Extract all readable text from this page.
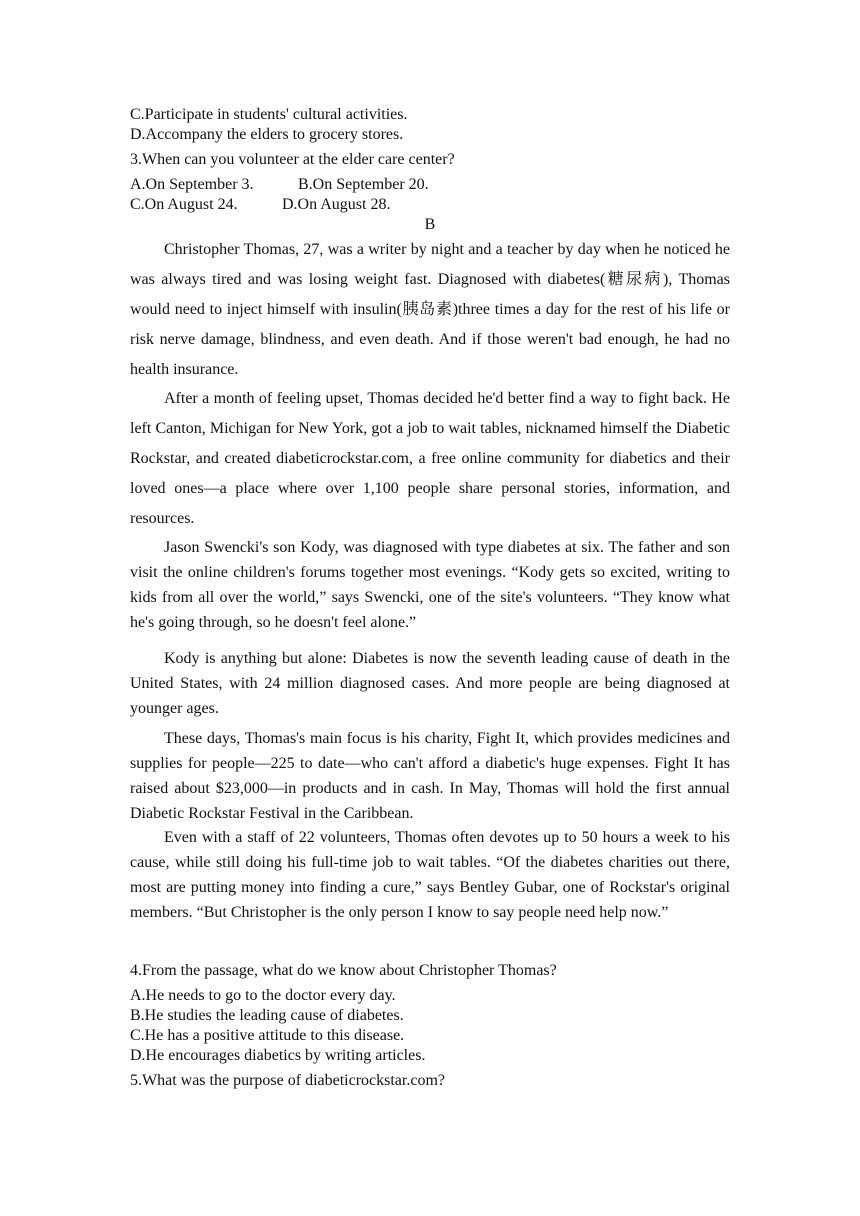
C.Participate in students' cultural activities.
D.Accompany the elders to grocery stores.
3.When can you volunteer at the elder care center?
A.On September 3.	B.On September 20.
C.On August 24.	D.On August 28.
B

Christopher Thomas, 27, was a writer by night and a teacher by day when he noticed he was always tired and was losing weight fast. Diagnosed with diabetes(糖尿病), Thomas would need to inject himself with insulin(胰岛素)three times a day for the rest of his life or risk nerve damage, blindness, and even death. And if those weren't bad enough, he had no health insurance.

After a month of feeling upset, Thomas decided he'd better find a way to fight back. He left Canton, Michigan for New York, got a job to wait tables, nicknamed himself the Diabetic Rockstar, and created diabeticrockstar.com, a free online community for diabetics and their loved ones—a place where over 1,100 people share personal stories, information, and resources.

Jason Swencki's son Kody, was diagnosed with type diabetes at six. The father and son visit the online children's forums together most evenings. “Kody gets so excited, writing to kids from all over the world,” says Swencki, one of the site's volunteers. “They know what he's going through, so he doesn't feel alone.”

Kody is anything but alone: Diabetes is now the seventh leading cause of death in the United States, with 24 million diagnosed cases. And more people are being diagnosed at younger ages.

These days, Thomas's main focus is his charity, Fight It, which provides medicines and supplies for people—225 to date—who can't afford a diabetic's huge expenses. Fight It has raised about $23,000—in products and in cash. In May, Thomas will hold the first annual Diabetic Rockstar Festival in the Caribbean.

Even with a staff of 22 volunteers, Thomas often devotes up to 50 hours a week to his cause, while still doing his full-time job to wait tables. “Of the diabetes charities out there, most are putting money into finding a cure,” says Bentley Gubar, one of Rockstar's original members. “But Christopher is the only person I know to say people need help now.”

4.From the passage, what do we know about Christopher Thomas?
A.He needs to go to the doctor every day.
B.He studies the leading cause of diabetes.
C.He has a positive attitude to this disease.
D.He encourages diabetics by writing articles.
5.What was the purpose of diabeticrockstar.com?
